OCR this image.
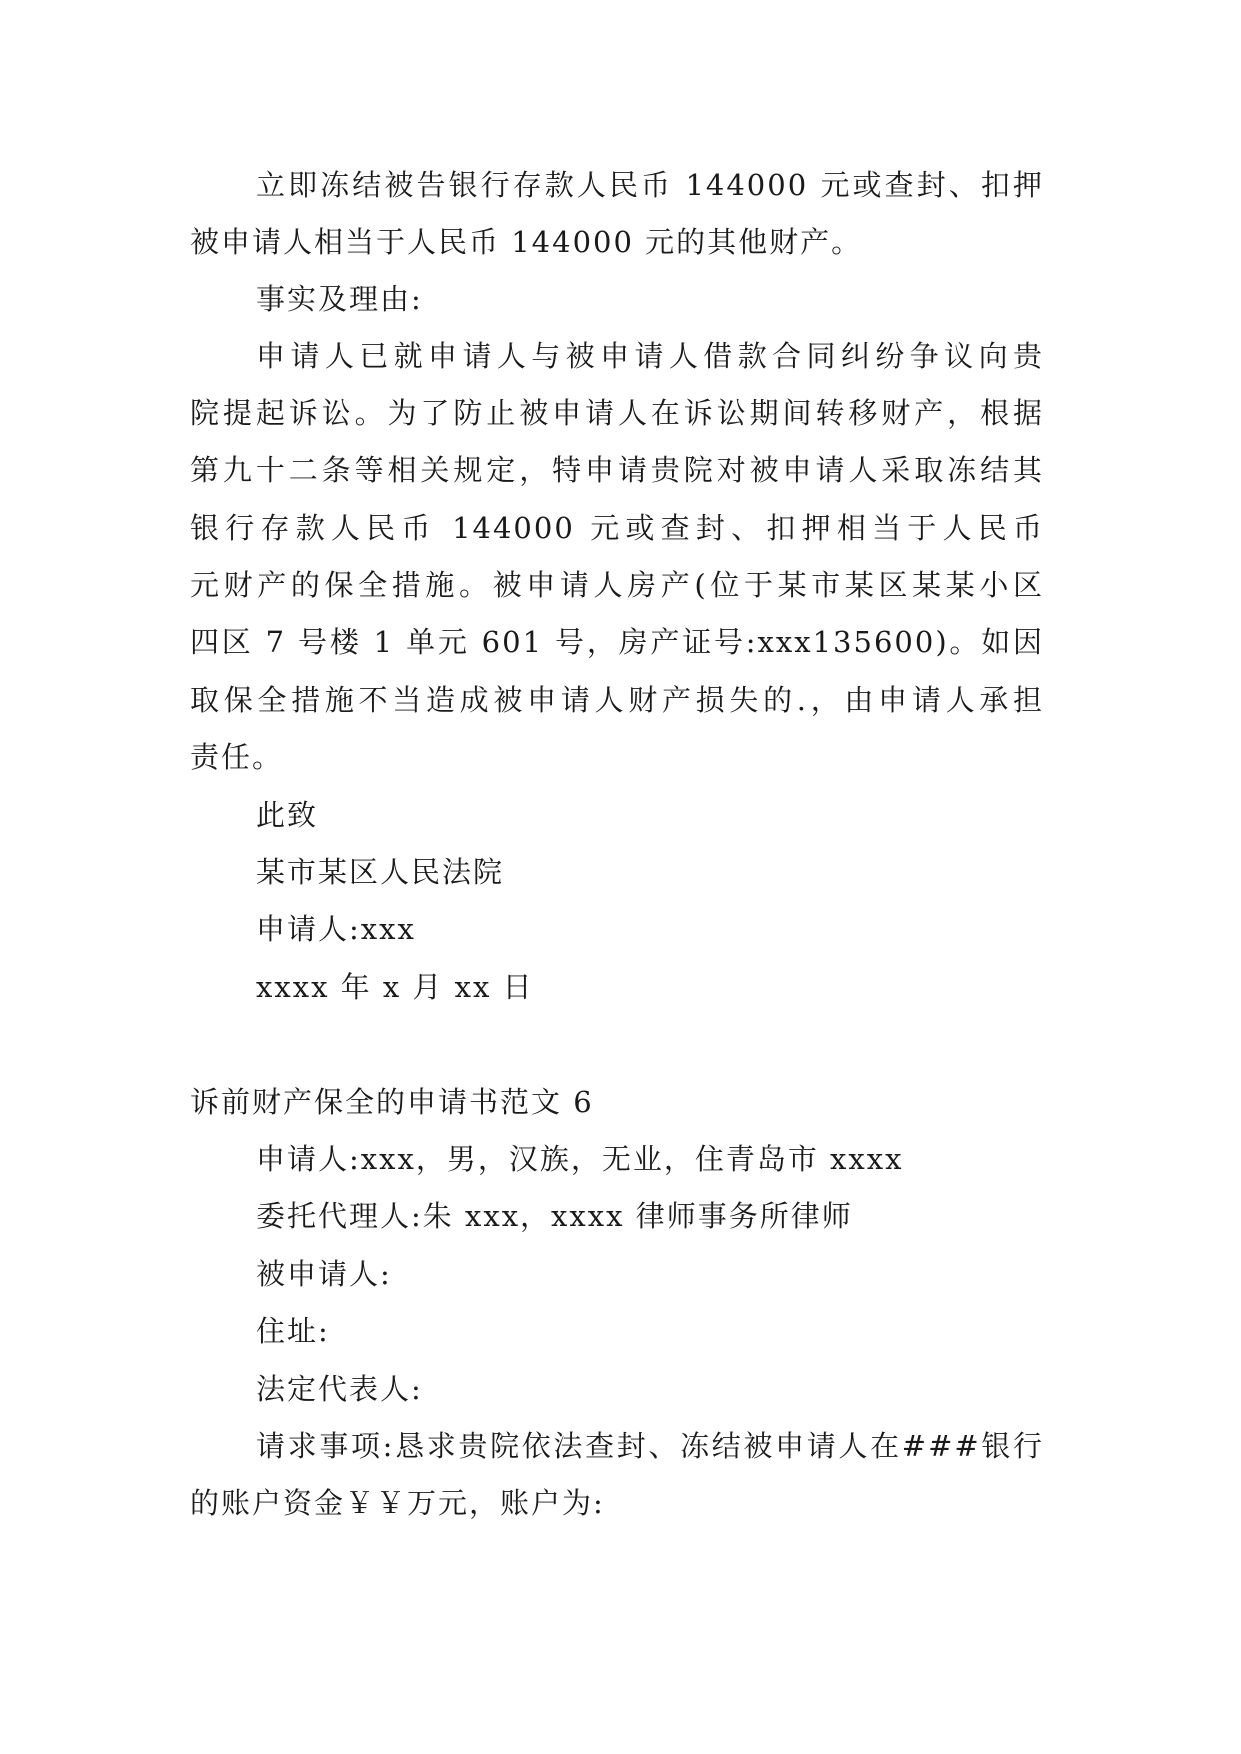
立即冻结被告银行存款人民币 144000 元或查封、扣押
被申请人相当于人民币 144000 元的其他财产。
事实及理由:
申请人已就申请人与被申请人借款合同纠纷争议向贵
院提起诉讼。为了防止被申请人在诉讼期间转移财产，根据
第九十二条等相关规定，特申请贵院对被申请人采取冻结其
银行存款人民币 144000 元或查封、扣押相当于人民币
元财产的保全措施。被申请人房产(位于某市某区某某小区
四区 7 号楼 1 单元 601 号，房产证号:xxx135600)。如因
取保全措施不当造成被申请人财产损失的.，由申请人承担
责任。
此致
某市某区人民法院
申请人:xxx
xxxx 年 x 月 xx 日
诉前财产保全的申请书范文 6
申请人:xxx，男，汉族，无业，住青岛市 xxxx
委托代理人:朱 xxx，xxxx 律师事务所律师
被申请人:
住址:
法定代表人:
请求事项:恳求贵院依法查封、冻结被申请人在###银行
的账户资金￥￥万元，账户为:
